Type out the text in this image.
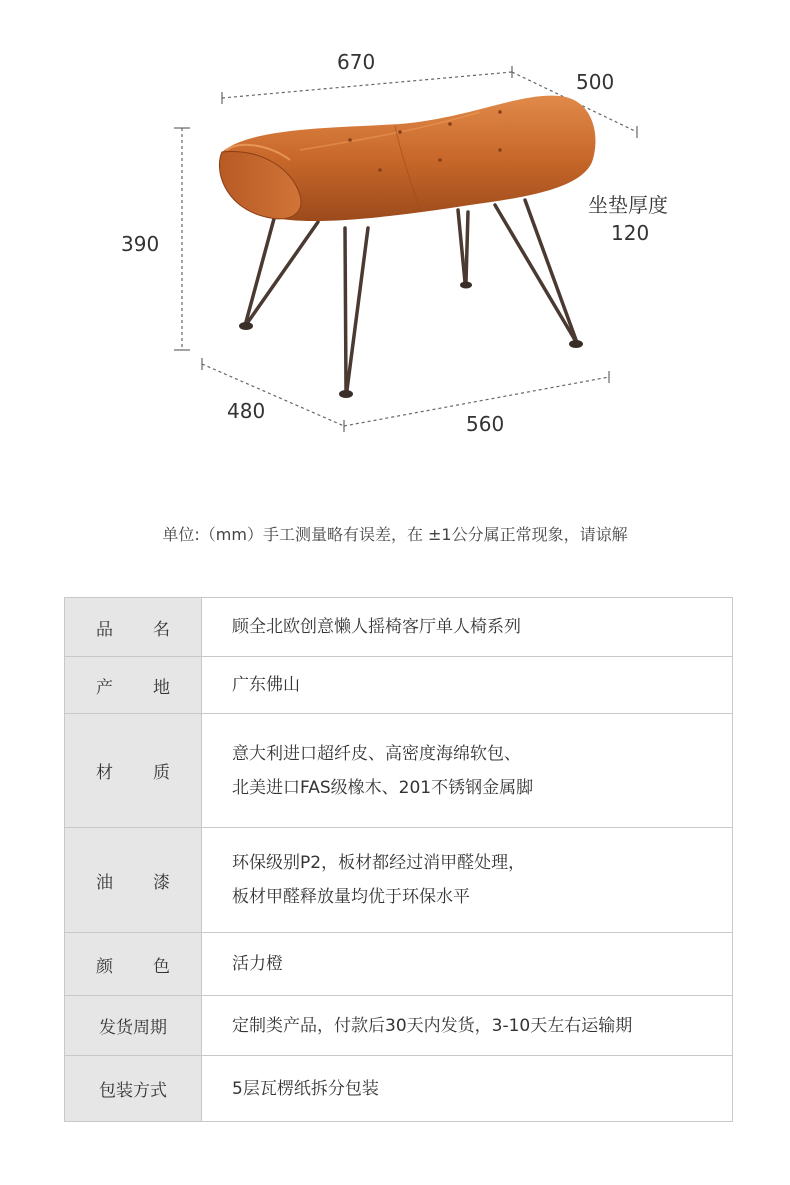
670
500
390
坐垫厚度
120
480
560
单位:（mm）手工测量略有误差，在 ±1公分属正常现象，请谅解
品名	顾全北欧创意懒人摇椅客厅单人椅系列

产地	广东佛山

材质	意大利进口超纤皮、高密度海绵软包、
北美进口FAS级橡木、201不锈钢金属脚

油漆	环保级别P2，板材都经过消甲醛处理，
板材甲醛释放量均优于环保水平

颜色	活力橙

发货周期	定制类产品，付款后30天内发货，3-10天左右运输期

包装方式	5层瓦楞纸拆分包装
